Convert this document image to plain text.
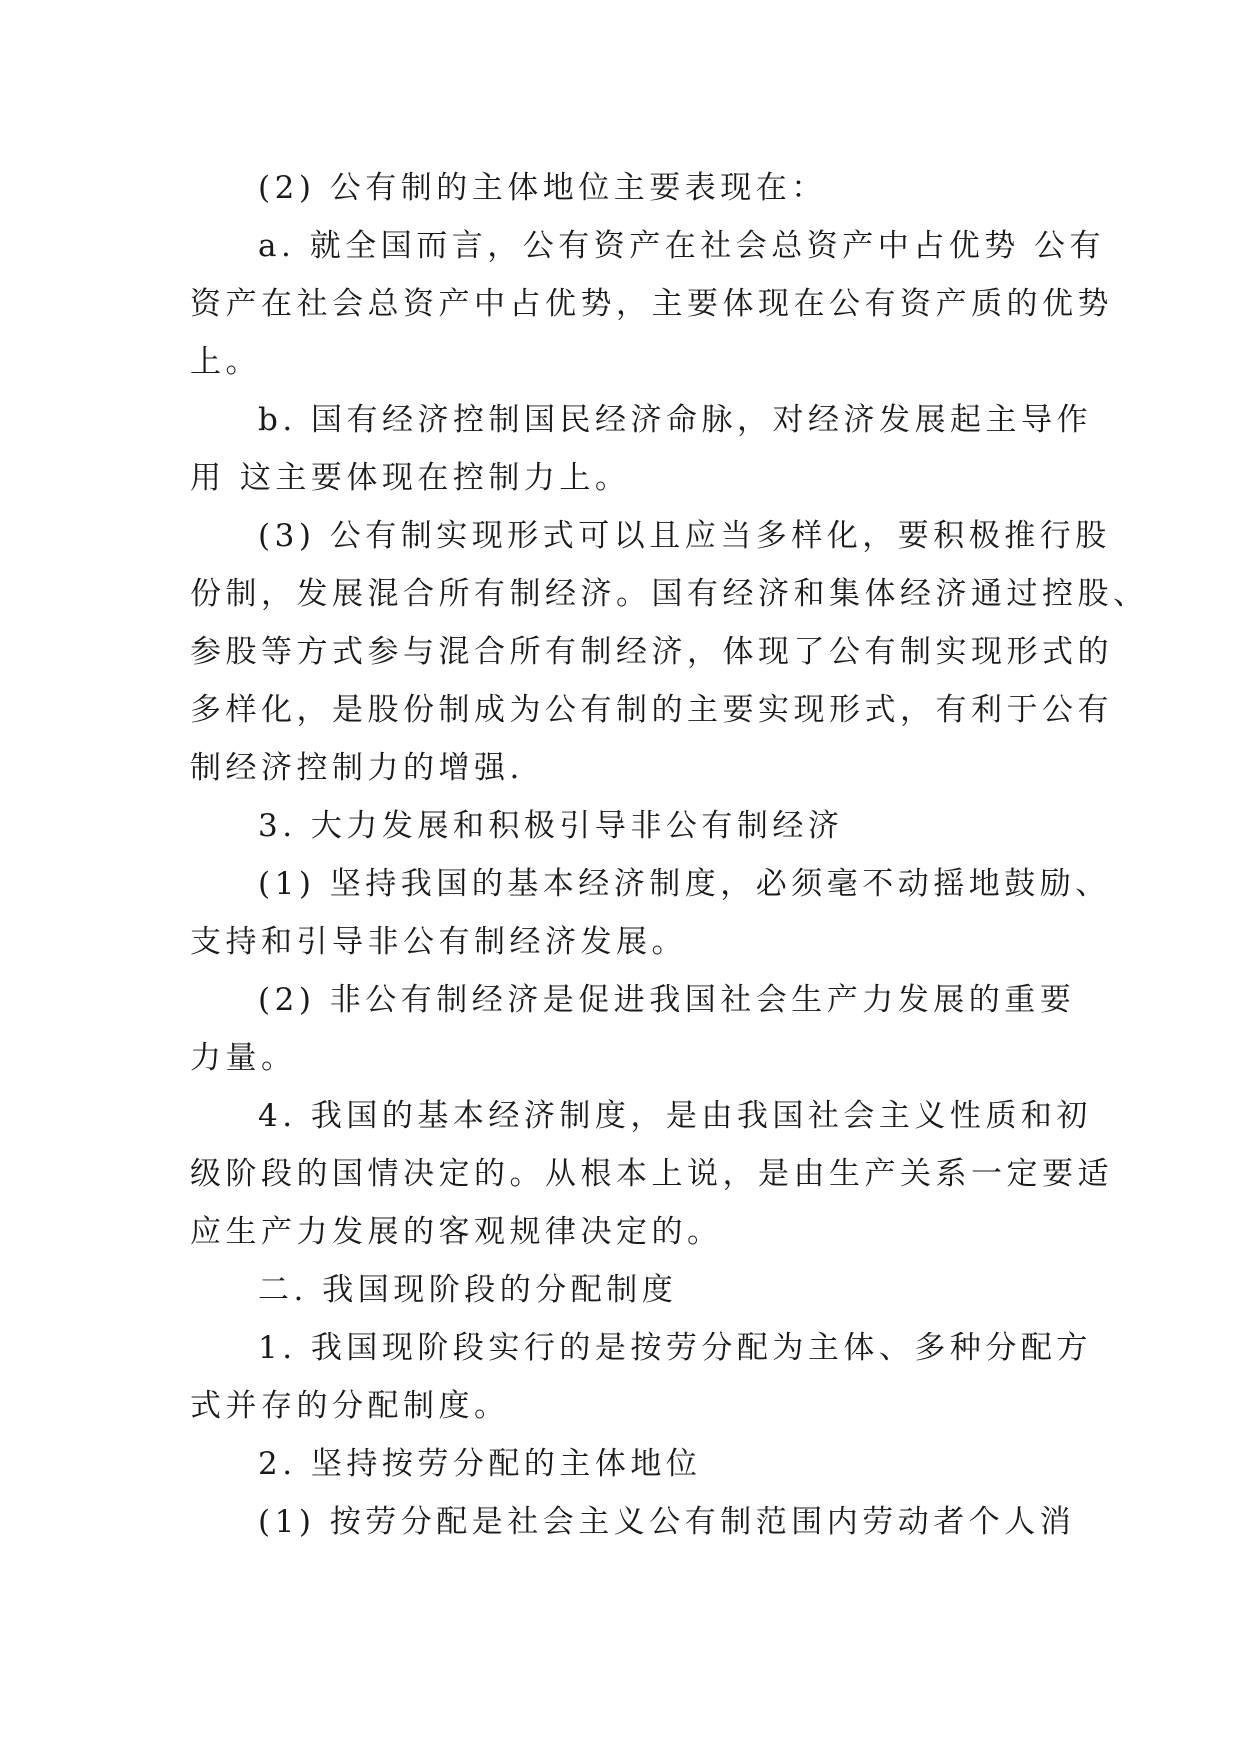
(2) 公有制的主体地位主要表现在：
a. 就全国而言，公有资产在社会总资产中占优势 公有
资产在社会总资产中占优势，主要体现在公有资产质的优势
上。
b. 国有经济控制国民经济命脉，对经济发展起主导作
用 这主要体现在控制力上。
(3) 公有制实现形式可以且应当多样化，要积极推行股
份制，发展混合所有制经济。国有经济和集体经济通过控股、
参股等方式参与混合所有制经济，体现了公有制实现形式的
多样化，是股份制成为公有制的主要实现形式，有利于公有
制经济控制力的增强.
3. 大力发展和积极引导非公有制经济
(1) 坚持我国的基本经济制度，必须毫不动摇地鼓励、
支持和引导非公有制经济发展。
(2) 非公有制经济是促进我国社会生产力发展的重要
力量。
4. 我国的基本经济制度，是由我国社会主义性质和初
级阶段的国情决定的。从根本上说，是由生产关系一定要适
应生产力发展的客观规律决定的。
二. 我国现阶段的分配制度
1. 我国现阶段实行的是按劳分配为主体、多种分配方
式并存的分配制度。
2. 坚持按劳分配的主体地位
(1) 按劳分配是社会主义公有制范围内劳动者个人消
